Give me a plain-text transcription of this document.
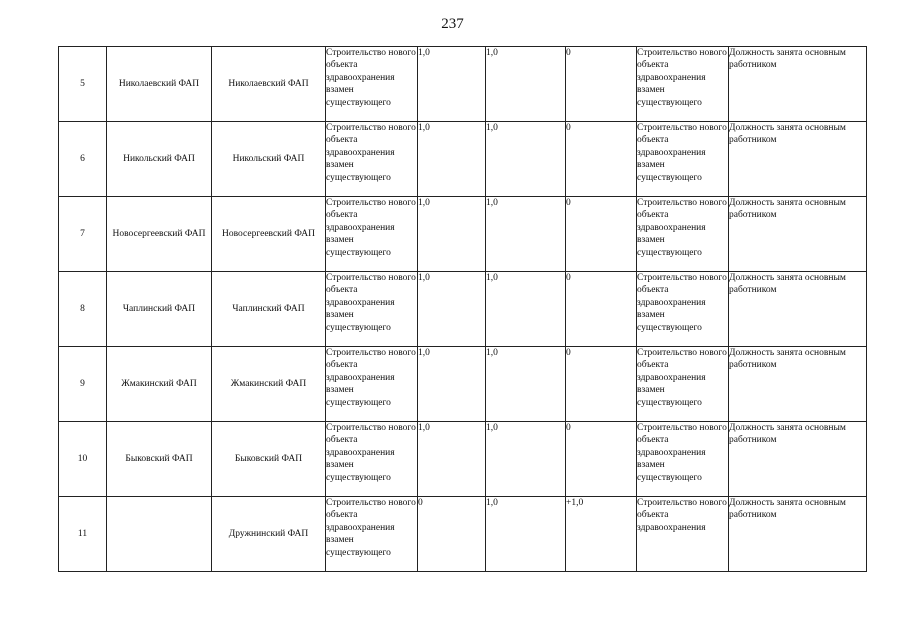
237
5	Николаевский ФАП	Николаевский ФАП	Строительство нового объекта здравоохранения взамен существующего	1,0	1,0	0	Строительство нового объекта здравоохранения взамен существующего	Должность занята основным работником
6	Никольский ФАП	Никольский ФАП	Строительство нового объекта здравоохранения взамен существующего	1,0	1,0	0	Строительство нового объекта здравоохранения взамен существующего	Должность занята основным работником
7	Новосергеевский ФАП	Новосергеевский ФАП	Строительство нового объекта здравоохранения взамен существующего	1,0	1,0	0	Строительство нового объекта здравоохранения взамен существующего	Должность занята основным работником
8	Чаплинский ФАП	Чаплинский ФАП	Строительство нового объекта здравоохранения взамен существующего	1,0	1,0	0	Строительство нового объекта здравоохранения взамен существующего	Должность занята основным работником
9	Жмакинский ФАП	Жмакинский ФАП	Строительство нового объекта здравоохранения взамен существующего	1,0	1,0	0	Строительство нового объекта здравоохранения взамен существующего	Должность занята основным работником
10	Быковский ФАП	Быковский ФАП	Строительство нового объекта здравоохранения взамен существующего	1,0	1,0	0	Строительство нового объекта здравоохранения взамен существующего	Должность занята основным работником
11		Дружнинский ФАП	Строительство нового объекта здравоохранения взамен существующего	0	1,0	+1,0	Строительство нового объекта здравоохранения	Должность занята основным работником
